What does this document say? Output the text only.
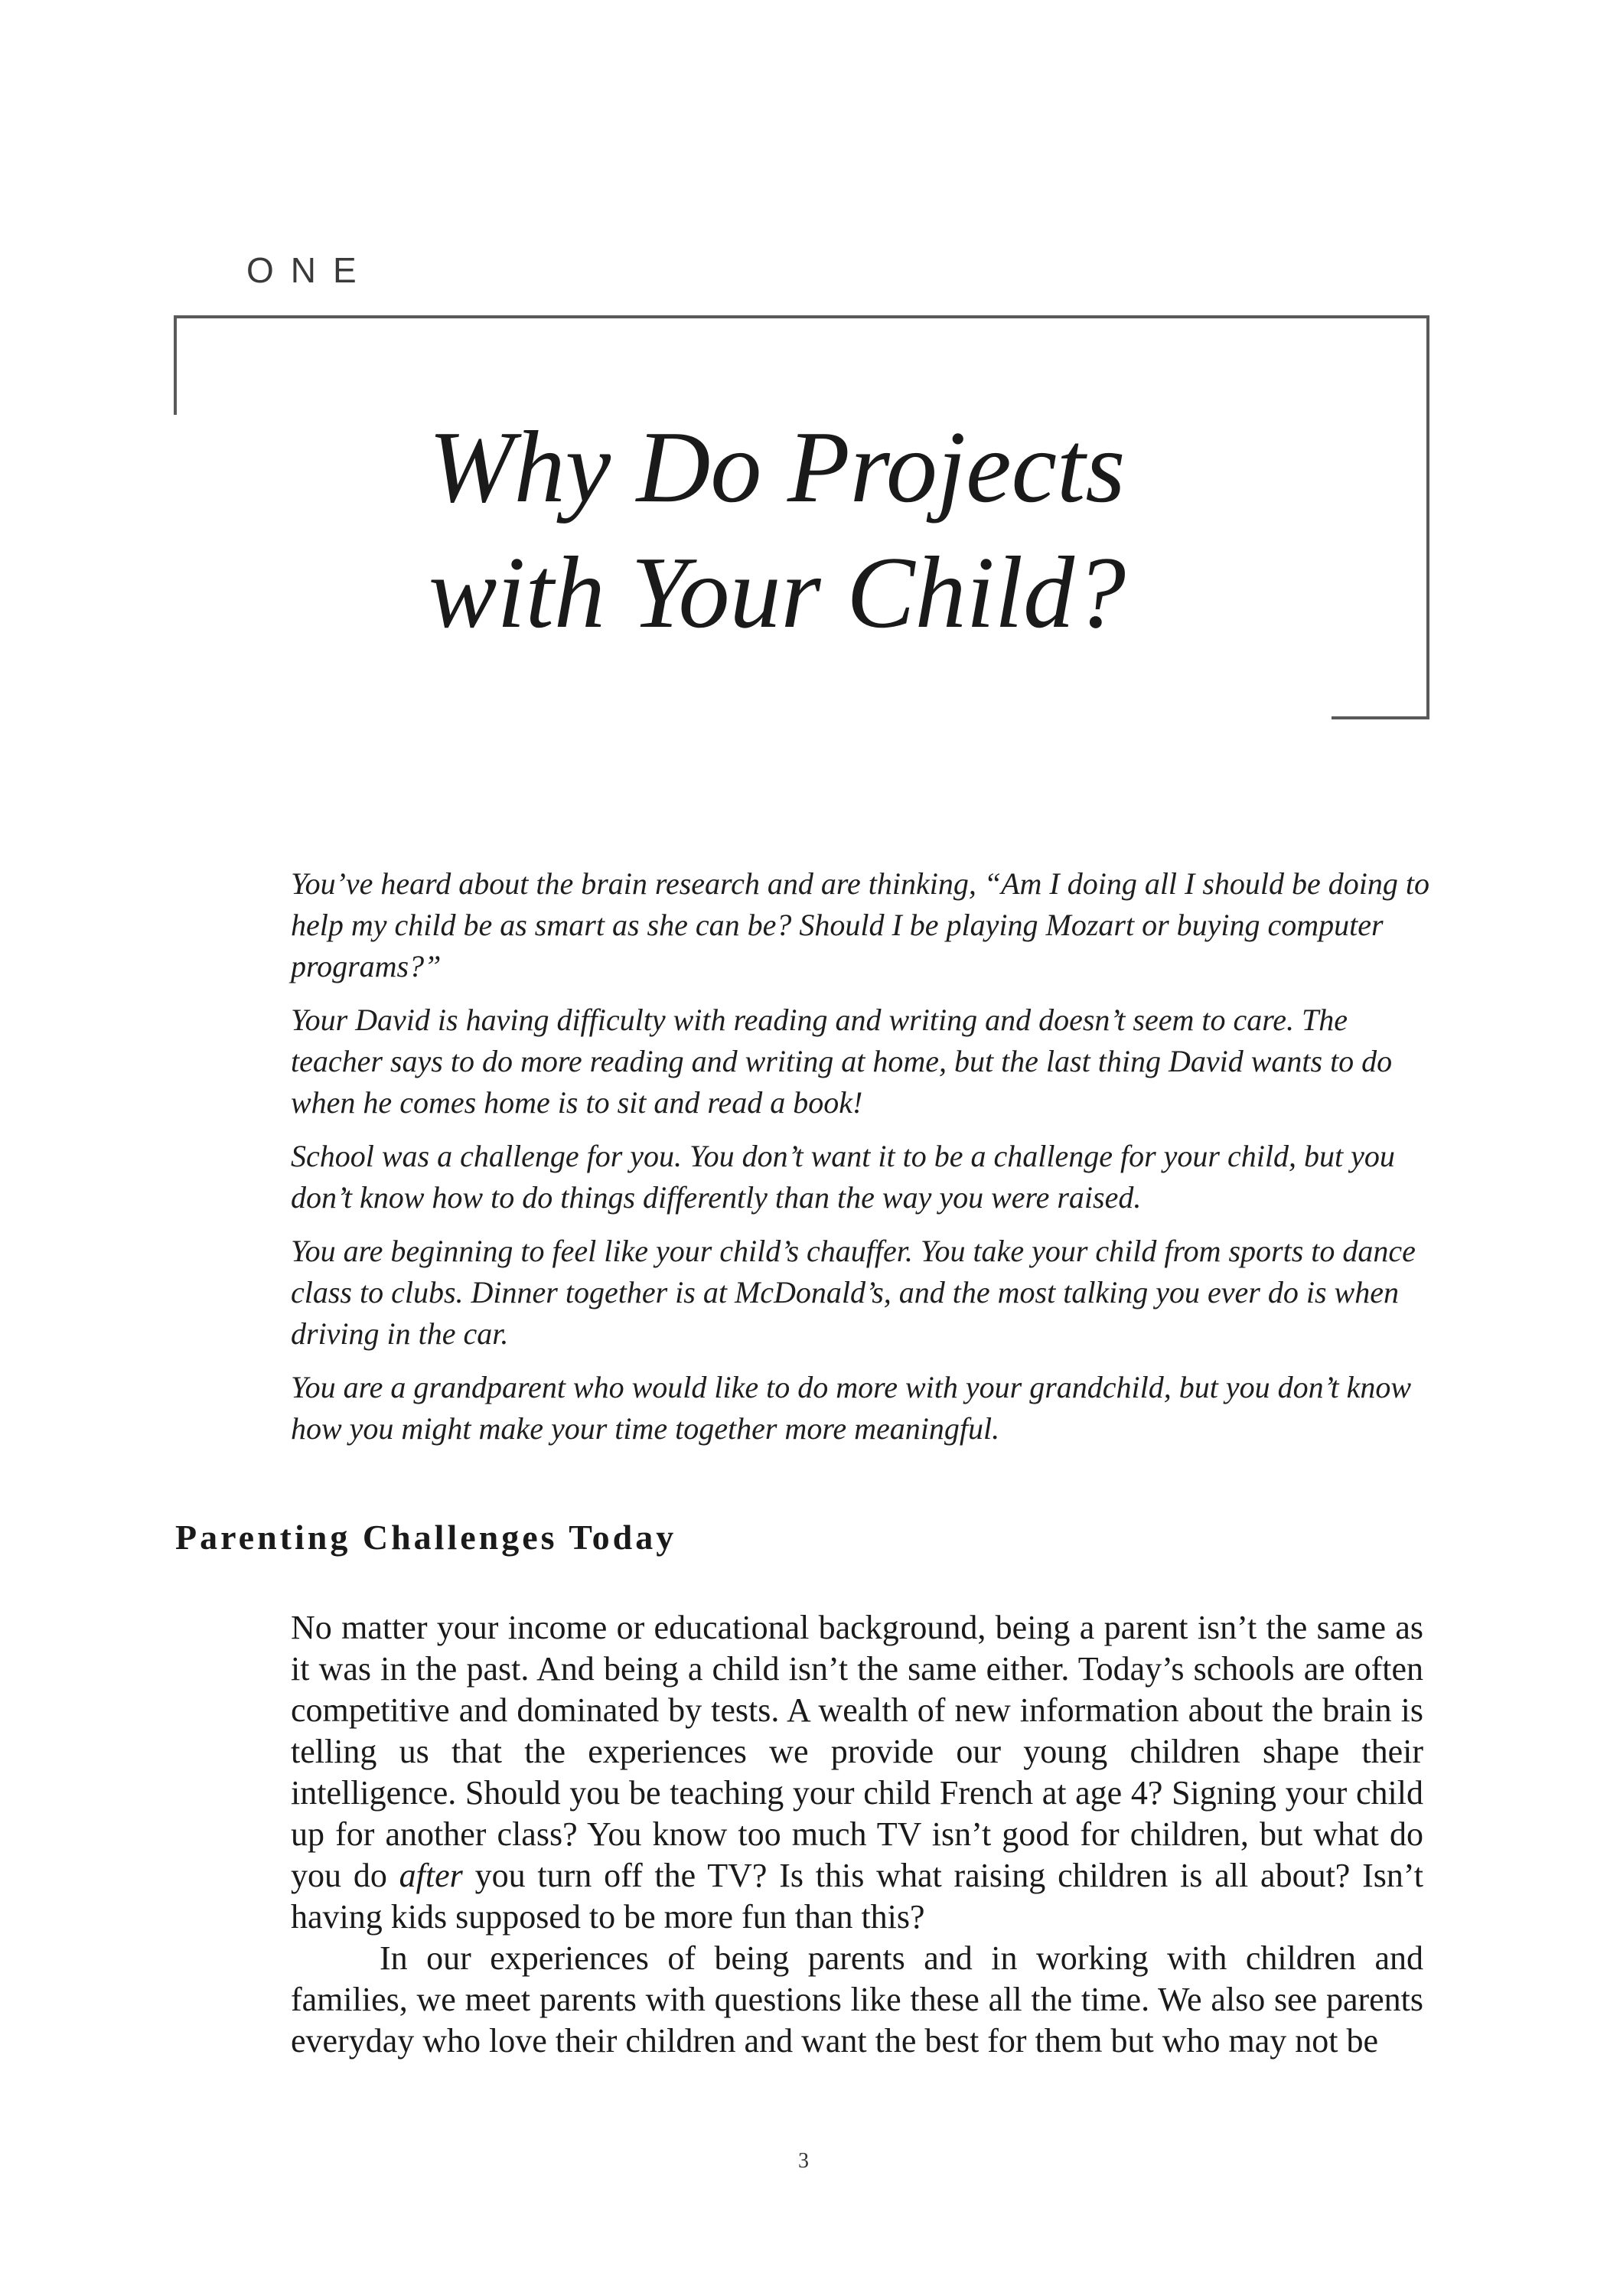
ONE

Why Do Projects
with Your Child?

You’ve heard about the brain research and are thinking, “Am I doing all I should be doing to help my child be as smart as she can be? Should I be playing Mozart or buying computer programs?”

Your David is having difficulty with reading and writing and doesn’t seem to care. The teacher says to do more reading and writing at home, but the last thing David wants to do when he comes home is to sit and read a book!

School was a challenge for you. You don’t want it to be a challenge for your child, but you don’t know how to do things differently than the way you were raised.

You are beginning to feel like your child’s chauffer. You take your child from sports to dance class to clubs. Dinner together is at McDonald’s, and the most talking you ever do is when driving in the car.

You are a grandparent who would like to do more with your grandchild, but you don’t know how you might make your time together more meaningful.

Parenting Challenges Today

No matter your income or educational background, being a parent isn’t the same as it was in the past. And being a child isn’t the same either. Today’s schools are often competitive and dominated by tests. A wealth of new information about the brain is telling us that the experiences we provide our young children shape their intelligence. Should you be teaching your child French at age 4? Signing your child up for another class? You know too much TV isn’t good for children, but what do you do after you turn off the TV? Is this what raising children is all about? Isn’t having kids supposed to be more fun than this?

In our experiences of being parents and in working with children and families, we meet parents with questions like these all the time. We also see parents everyday who love their children and want the best for them but who may not be

3
